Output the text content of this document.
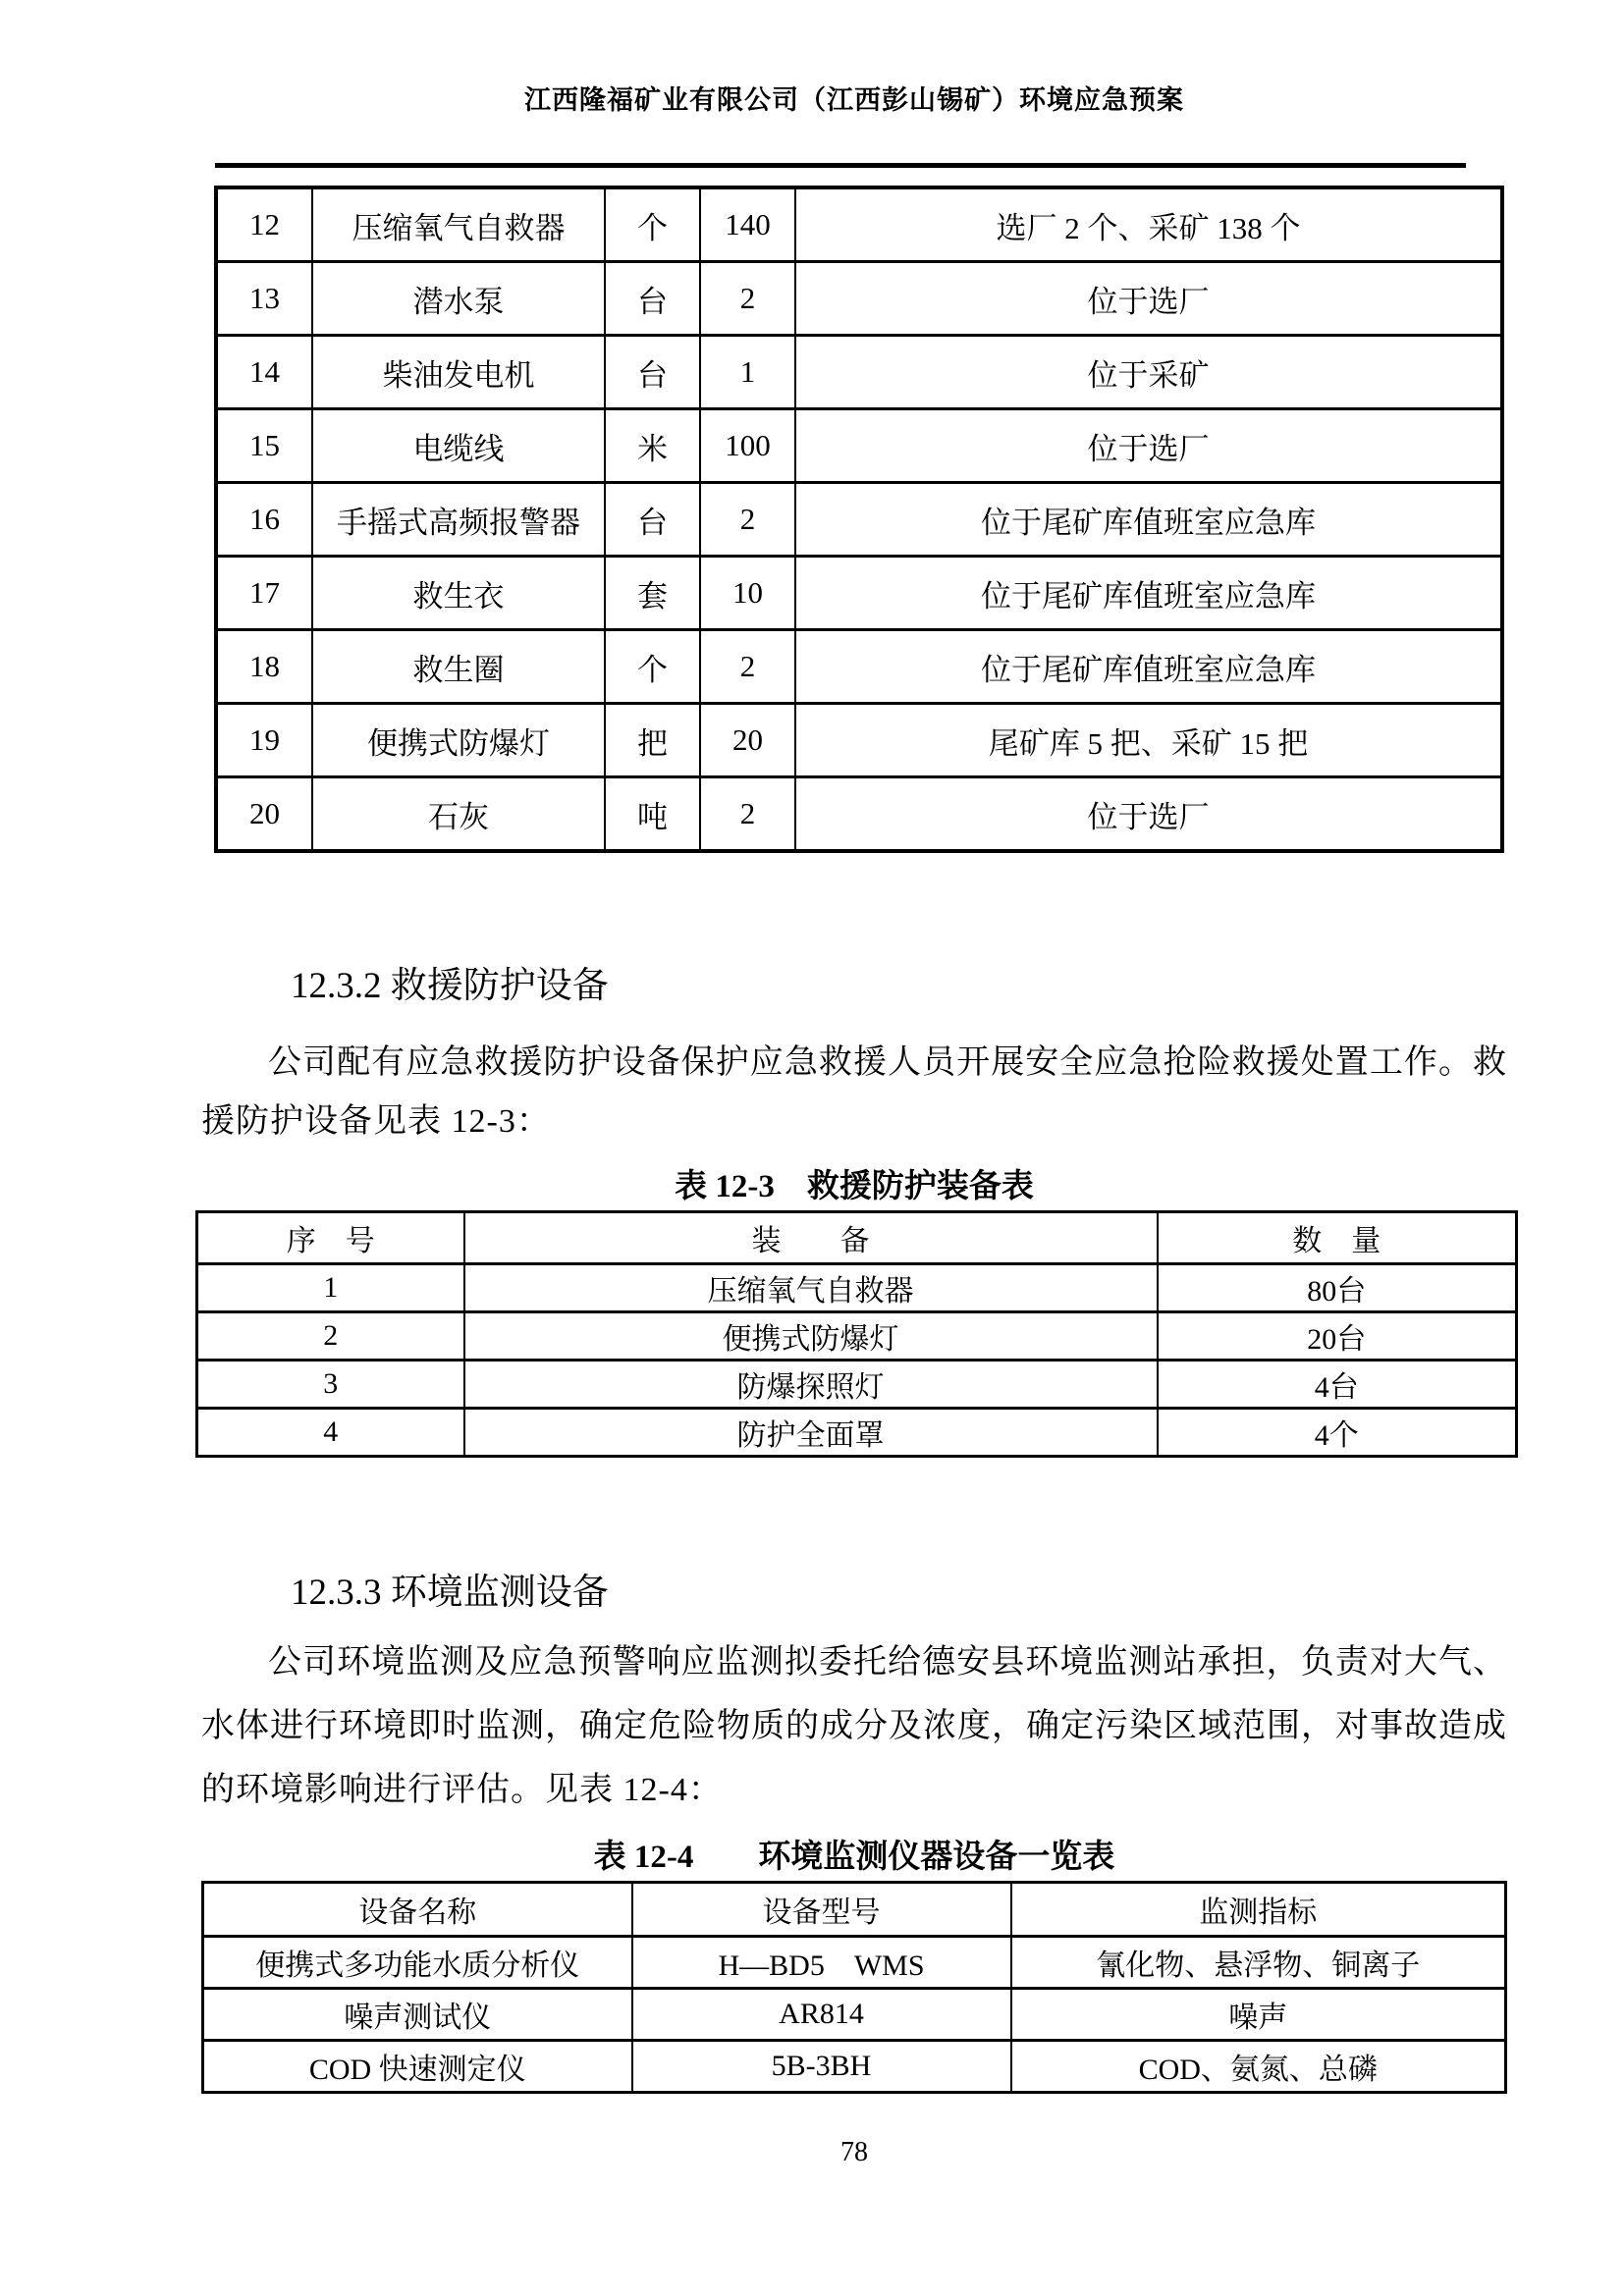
江西隆福矿业有限公司（江西彭山锡矿）环境应急预案
12	压缩氧气自救器	个	140	选厂 2 个、采矿 138 个
13	潜水泵	台	2	位于选厂
14	柴油发电机	台	1	位于采矿
15	电缆线	米	100	位于选厂
16	手摇式高频报警器	台	2	位于尾矿库值班室应急库
17	救生衣	套	10	位于尾矿库值班室应急库
18	救生圈	个	2	位于尾矿库值班室应急库
19	便携式防爆灯	把	20	尾矿库 5 把、采矿 15 把
20	石灰	吨	2	位于选厂
12.3.2 救援防护设备

公司配有应急救援防护设备保护应急救援人员开展安全应急抢险救援处置工作。救援防护设备见表 12-3：

表 12-3　救援防护装备表
序　号	装　　备	数　量
1	压缩氧气自救器	80台
2	便携式防爆灯	20台
3	防爆探照灯	4台
4	防护全面罩	4个
12.3.3 环境监测设备

公司环境监测及应急预警响应监测拟委托给德安县环境监测站承担，负责对大气、水体进行环境即时监测，确定危险物质的成分及浓度，确定污染区域范围，对事故造成的环境影响进行评估。见表 12-4：

表 12-4　　环境监测仪器设备一览表
设备名称	设备型号	监测指标
便携式多功能水质分析仪	H—BD5　WMS	氰化物、悬浮物、铜离子
噪声测试仪	AR814	噪声
COD 快速测定仪	5B-3BH	COD、氨氮、总磷
78
